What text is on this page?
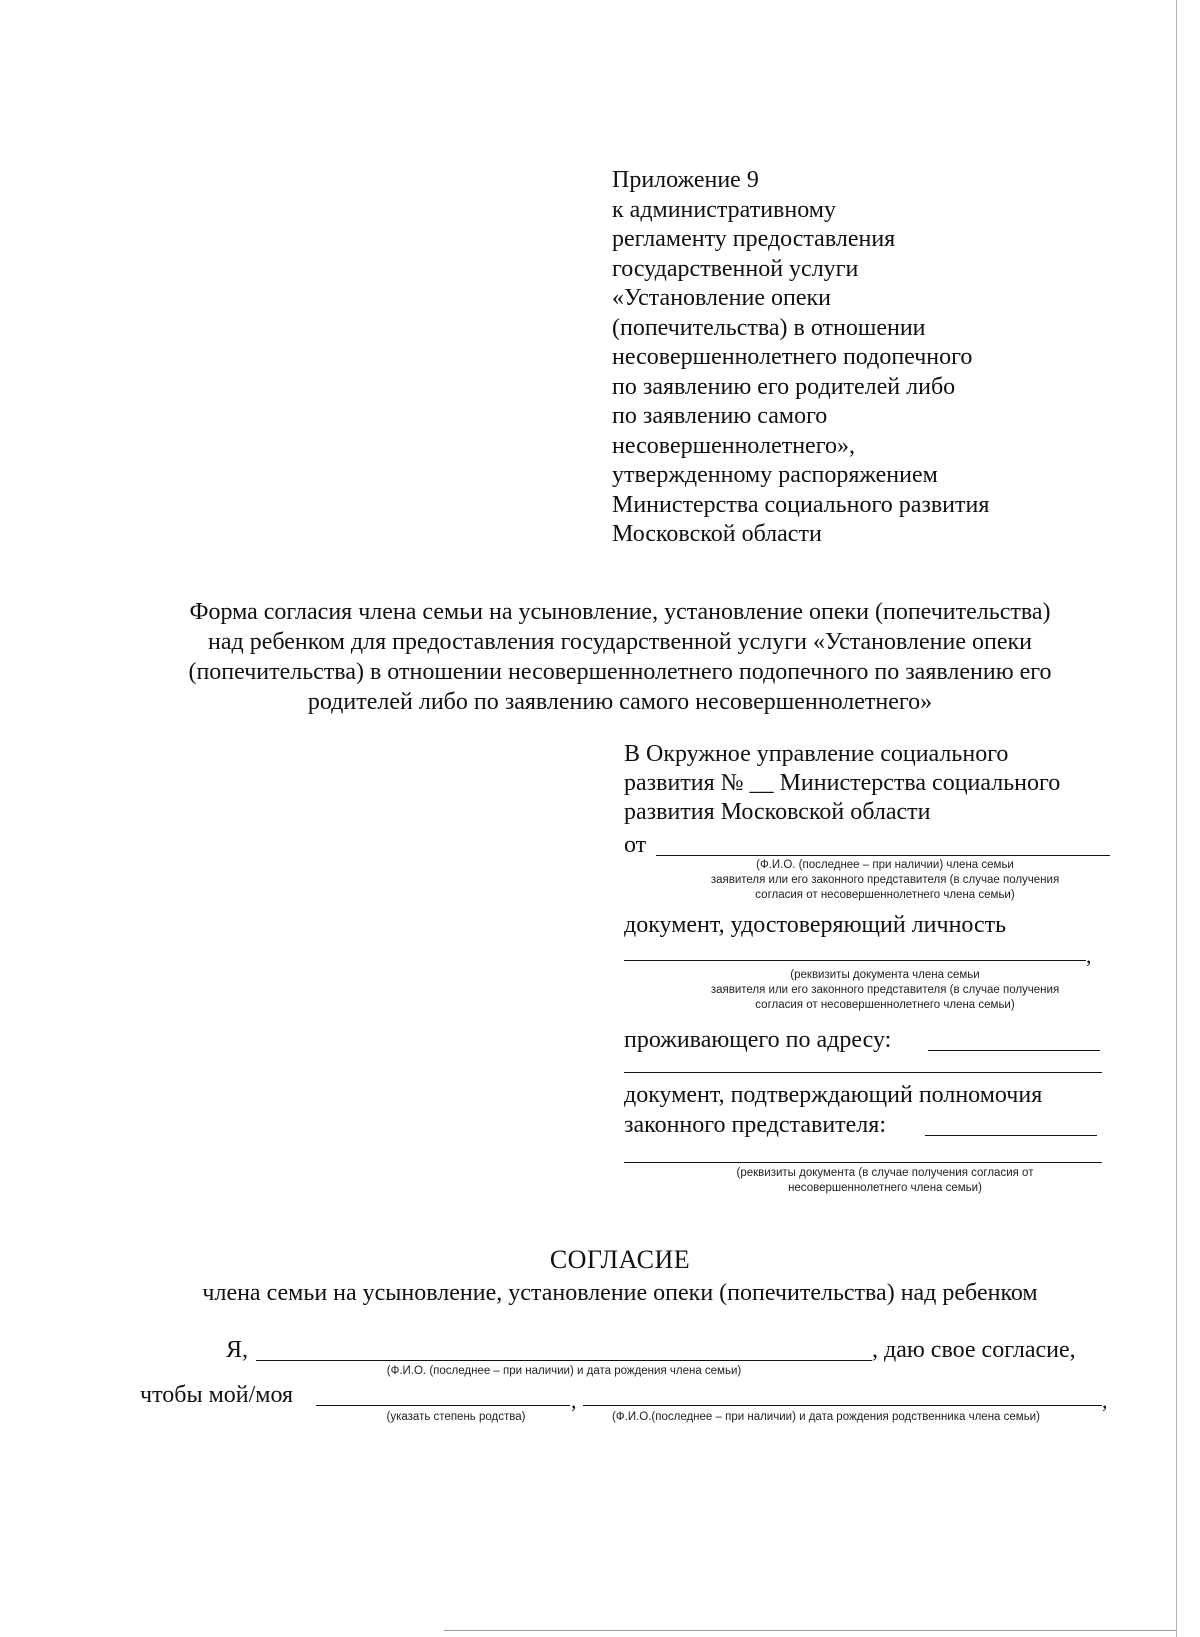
Приложение 9
к административному
регламенту предоставления
государственной услуги
«Установление опеки
(попечительства) в отношении
несовершеннолетнего подопечного
по заявлению его родителей либо
по заявлению самого
несовершеннолетнего»,
утвержденному распоряжением
Министерства социального развития
Московской области
Форма согласия члена семьи на усыновление, установление опеки (попечительства)
над ребенком для предоставления государственной услуги «Установление опеки
(попечительства) в отношении несовершеннолетнего подопечного по заявлению его
родителей либо по заявлению самого несовершеннолетнего»
В Окружное управление социального
развития № __ Министерства социального
развития Московской области
от
(Ф.И.О. (последнее – при наличии) члена семьи
заявителя или его законного представителя (в случае получения
согласия от несовершеннолетнего члена семьи)
документ, удостоверяющий личность
,
(реквизиты документа члена семьи
заявителя или его законного представителя (в случае получения
согласия от несовершеннолетнего члена семьи)
проживающего по адресу:
документ, подтверждающий полномочия
законного представителя:
(реквизиты документа (в случае получения согласия от
несовершеннолетнего члена семьи)
СОГЛАСИЕ
члена семьи на усыновление, установление опеки (попечительства) над ребенком
Я,	, даю свое согласие,
(Ф.И.О. (последнее – при наличии) и дата рождения члена семьи)
чтобы мой/моя	,	,
(указать степень родства)	(Ф.И.О.(последнее – при наличии) и дата рождения родственника члена семьи)
